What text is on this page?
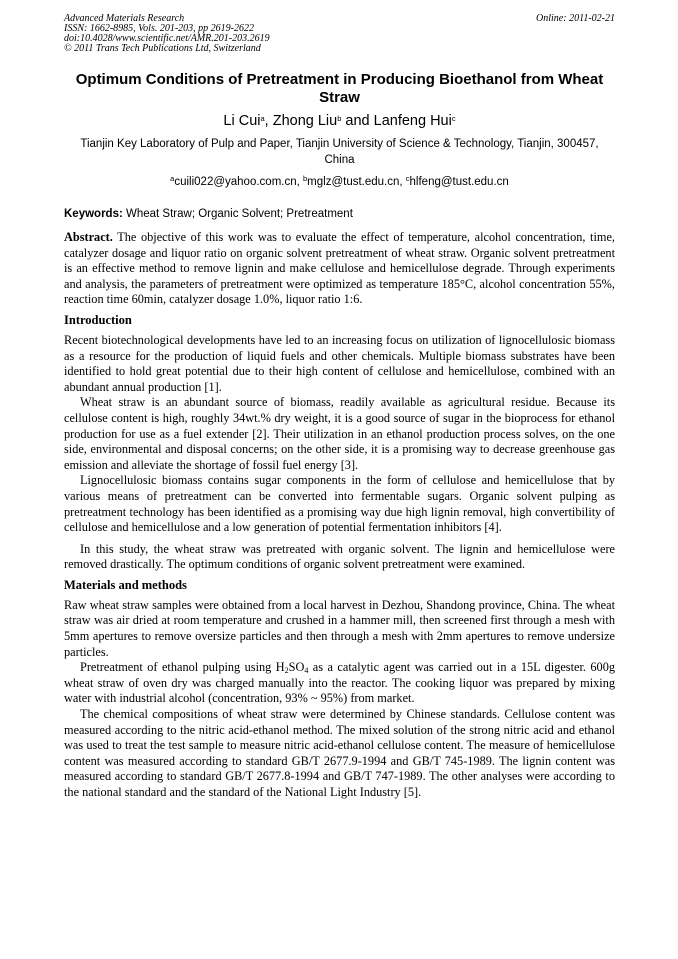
Advanced Materials Research
ISSN: 1662-8985, Vols. 201-203, pp 2619-2622
doi:10.4028/www.scientific.net/AMR.201-203.2619
© 2011 Trans Tech Publications Ltd, Switzerland
Online: 2011-02-21
Optimum Conditions of Pretreatment in Producing Bioethanol from Wheat Straw
Li Cui$^a$, Zhong Liu$^b$ and Lanfeng Hui$^c$
Tianjin Key Laboratory of Pulp and Paper, Tianjin University of Science & Technology, Tianjin, 300457, China
$^a$cuili022@yahoo.com.cn, $^b$mglz@tust.edu.cn, $^c$hlfeng@tust.edu.cn
Keywords: Wheat Straw; Organic Solvent; Pretreatment

Abstract. The objective of this work was to evaluate the effect of temperature, alcohol concentration, time, catalyzer dosage and liquor ratio on organic solvent pretreatment of wheat straw. Organic solvent pretreatment is an effective method to remove lignin and make cellulose and hemicellulose degrade. Through experiments and analysis, the parameters of pretreatment were optimized as temperature 185°C, alcohol concentration 55%, reaction time 60min, catalyzer dosage 1.0%, liquor ratio 1:6.

Introduction

Recent biotechnological developments have led to an increasing focus on utilization of lignocellulosic biomass as a resource for the production of liquid fuels and other chemicals. Multiple biomass substrates have been identified to hold great potential due to their high content of cellulose and hemicellulose, combined with an abundant annual production [1].

Wheat straw is an abundant source of biomass, readily available as agricultural residue. Because its cellulose content is high, roughly 34wt.% dry weight, it is a good source of sugar in the bioprocess for ethanol production for use as a fuel extender [2]. Their utilization in an ethanol production process solves, on the one side, environmental and disposal concerns; on the other side, it is a promising way to decrease greenhouse gas emission and alleviate the shortage of fossil fuel energy [3].

Lignocellulosic biomass contains sugar components in the form of cellulose and hemicellulose that by various means of pretreatment can be converted into fermentable sugars. Organic solvent pulping as pretreatment technology has been identified as a promising way due high lignin removal, high convertibility of cellulose and hemicellulose and a low generation of potential fermentation inhibitors [4].

In this study, the wheat straw was pretreated with organic solvent. The lignin and hemicellulose were removed drastically. The optimum conditions of organic solvent pretreatment were examined.

Materials and methods

Raw wheat straw samples were obtained from a local harvest in Dezhou, Shandong province, China. The wheat straw was air dried at room temperature and crushed in a hammer mill, then screened first through a mesh with 5mm apertures to remove oversize particles and then through a mesh with 2mm apertures to remove undersize particles.

Pretreatment of ethanol pulping using $H_2SO_4$ as a catalytic agent was carried out in a 15L digester. 600g wheat straw of oven dry was charged manually into the reactor. The cooking liquor was prepared by mixing water with industrial alcohol (concentration, 93% ~ 95%) from market.

The chemical compositions of wheat straw were determined by Chinese standards. Cellulose content was measured according to the nitric acid-ethanol method. The mixed solution of the strong nitric acid and ethanol was used to treat the test sample to measure nitric acid-ethanol cellulose content. The measure of hemicellulose content was measured according to standard GB/T 2677.9-1994 and GB/T 745-1989. The lignin content was measured according to standard GB/T 2677.8-1994 and GB/T 747-1989. The other analyses were according to the national standard and the standard of the National Light Industry [5].
